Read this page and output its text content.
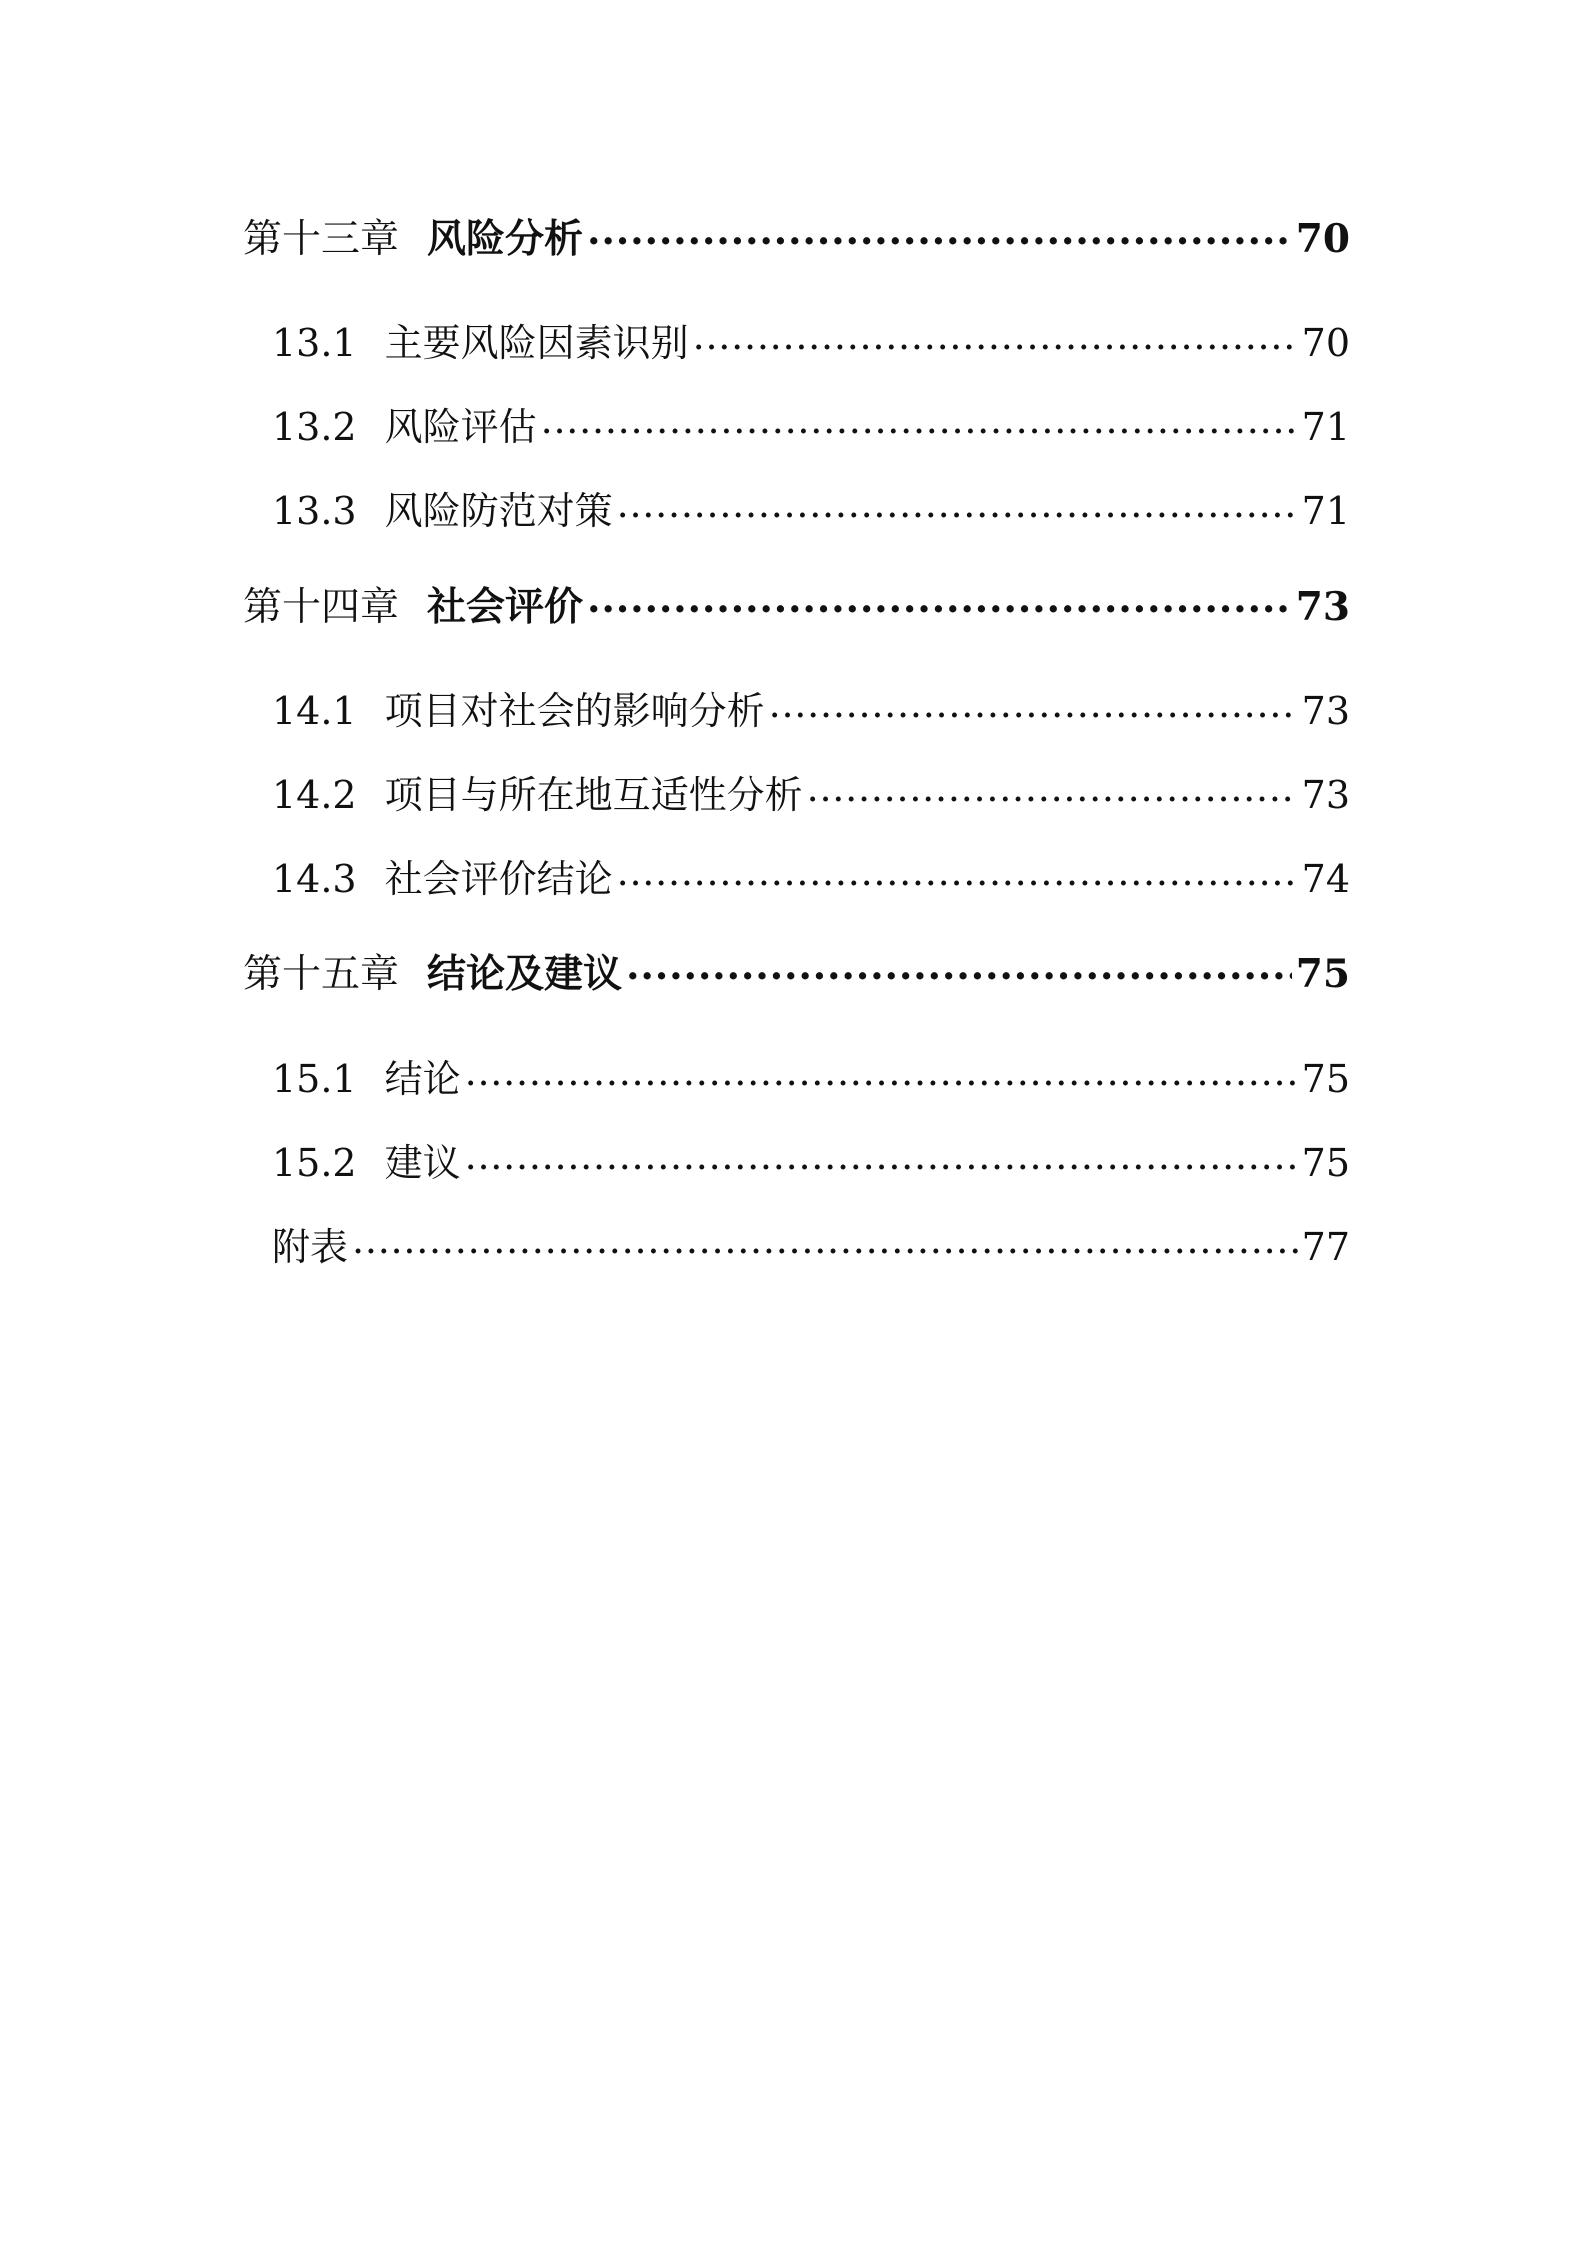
第十三章 风险分析 .....	70
13.1 主要风险因素识别 .....	70
13.2 风险评估 .....	71
13.3 风险防范对策 .....	71
第十四章 社会评价 .....	73
14.1 项目对社会的影响分析 .....	73
14.2 项目与所在地互适性分析 .....	73
14.3 社会评价结论 .....	74
第十五章 结论及建议 .....	75
15.1 结论 .....	75
15.2 建议 .....	75
附表 .....	77
